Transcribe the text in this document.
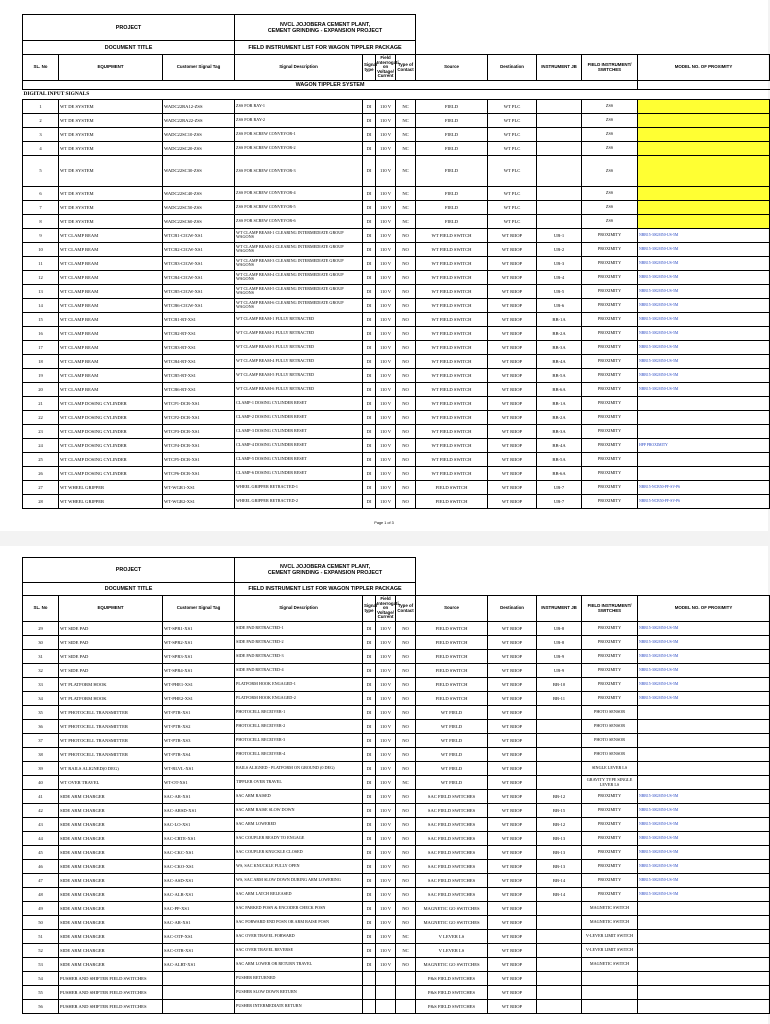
PROJECT			NVCL JOJOBERA CEMENT PLANT,
CEMENT GRINDING - EXPANSION PROJECT								
DOCUMENT TITLE			FIELD INSTRUMENT LIST FOR WAGON TIPPLER PACKAGE								
SL. No	EQUIPMENT	Customer Signal Tag	Signal Description	Signal type	Field Interrogati on Voltage/ Current	Type of Contact	Source	Destination	INSTRUMENT JB	FIELD INSTRUMENT/ SWITCHES	MODEL NO. OF PROXIMITY
WAGON TIPPLER SYSTEM											
DIGITAL INPUT SIGNALS											
1	WT DE SYSTEM	WADC22RA12-ZSS	ZSS FOR RAY-1	DI	110 V	NC	FIELD	WT PLC		ZSS	
2	WT DE SYSTEM	WADC22RA22-ZSS	ZSS FOR RAY-2	DI	110 V	NC	FIELD	WT PLC		ZSS	
3	WT DE SYSTEM	WADC22SC10-ZSS	ZSS FOR SCREW CONVEYOR-1	DI	110 V	NC	FIELD	WT PLC		ZSS	
4	WT DE SYSTEM	WADC22SC20-ZSS	ZSS FOR SCREW CONVEYOR-2	DI	110 V	NC	FIELD	WT PLC		ZSS	
5	WT DE SYSTEM	WADC22SC30-ZSS	ZSS FOR SCREW CONVEYOR-3	DI	110 V	NC	FIELD	WT PLC		ZSS	
6	WT DE SYSTEM	WADC22SC40-ZSS	ZSS FOR SCREW CONVEYOR-4	DI	110 V	NC	FIELD	WT PLC		ZSS	
7	WT DE SYSTEM	WADC22SC50-ZSS	ZSS FOR SCREW CONVEYOR-5	DI	110 V	NC	FIELD	WT PLC		ZSS	
8	WT DE SYSTEM	WADC22SC60-ZSS	ZSS FOR SCREW CONVEYOR-6	DI	110 V	NC	FIELD	WT PLC		ZSS	
9	WT CLAMP BEAM	WTCB1-CIGW-XS1	WT CLAMP BEAM-1 CLEARING INTERMEDIATE GROUP WAGONS	DI	110 V	NO	WT FIELD SWITCH	WT RIIOP	UB-1	PROXIMITY	NBB15-30GM50-US-5M
10	WT CLAMP BEAM	WTCB2-CIGW-XS1	WT CLAMP BEAM-2 CLEARING INTERMEDIATE GROUP WAGONS	DI	110 V	NO	WT FIELD SWITCH	WT RIIOP	UB-2	PROXIMITY	NBB15-30GM50-US-5M
11	WT CLAMP BEAM	WTCB3-CIGW-XS1	WT CLAMP BEAM-3 CLEARING INTERMEDIATE GROUP WAGONS	DI	110 V	NO	WT FIELD SWITCH	WT RIIOP	UB-3	PROXIMITY	NBB15-30GM50-US-5M
12	WT CLAMP BEAM	WTCB4-CIGW-XS1	WT CLAMP BEAM-4 CLEARING INTERMEDIATE GROUP WAGONS	DI	110 V	NO	WT FIELD SWITCH	WT RIIOP	UB-4	PROXIMITY	NBB15-30GM50-US-5M
13	WT CLAMP BEAM	WTCB5-CIGW-XS1	WT CLAMP BEAM-5 CLEARING INTERMEDIATE GROUP WAGONS	DI	110 V	NO	WT FIELD SWITCH	WT RIIOP	UB-5	PROXIMITY	NBB15-30GM50-US-5M
14	WT CLAMP BEAM	WTCB6-CIGW-XS1	WT CLAMP BEAM-6 CLEARING INTERMEDIATE GROUP WAGONS	DI	110 V	NO	WT FIELD SWITCH	WT RIIOP	UB-6	PROXIMITY	NBB15-30GM50-US-5M
15	WT CLAMP BEAM	WTCB1-RT-XS1	WT CLAMP BEAM-1 FULLY RETRACTED	DI	110 V	NO	WT FIELD SWITCH	WT RIIOP	BB-1A	PROXIMITY	NBB15-30GM50-US-5M
16	WT CLAMP BEAM	WTCB2-RT-XS1	WT CLAMP BEAM-2 FULLY RETRACTED	DI	110 V	NO	WT FIELD SWITCH	WT RIIOP	BB-2A	PROXIMITY	NBB15-30GM50-US-5M
17	WT CLAMP BEAM	WTCB3-RT-XS1	WT CLAMP BEAM-3 FULLY RETRACTED	DI	110 V	NO	WT FIELD SWITCH	WT RIIOP	BB-3A	PROXIMITY	NBB15-30GM50-US-5M
18	WT CLAMP BEAM	WTCB4-RT-XS1	WT CLAMP BEAM-4 FULLY RETRACTED	DI	110 V	NO	WT FIELD SWITCH	WT RIIOP	BB-4A	PROXIMITY	NBB15-30GM50-US-5M
19	WT CLAMP BEAM	WTCB5-RT-XS1	WT CLAMP BEAM-5 FULLY RETRACTED	DI	110 V	NO	WT FIELD SWITCH	WT RIIOP	BB-5A	PROXIMITY	NBB15-30GM50-US-5M
20	WT CLAMP BEAM	WTCB6-RT-XS1	WT CLAMP BEAM-6 FULLY RETRACTED	DI	110 V	NO	WT FIELD SWITCH	WT RIIOP	BB-6A	PROXIMITY	NBB15-30GM50-US-5M
21	WT CLAMP DOSING CYLINDER	WTCP1-DCR-XS1	CLAMP-1 DOSING CYLINDER RESET	DI	110 V	NO	WT FIELD SWITCH	WT RIIOP	BB-1A	PROXIMITY	
22	WT CLAMP DOSING CYLINDER	WTCP2-DCR-XS1	CLAMP-2 DOSING CYLINDER RESET	DI	110 V	NO	WT FIELD SWITCH	WT RIIOP	BB-2A	PROXIMITY	
23	WT CLAMP DOSING CYLINDER	WTCP3-DCR-XS1	CLAMP-3 DOSING CYLINDER RESET	DI	110 V	NO	WT FIELD SWITCH	WT RIIOP	BB-3A	PROXIMITY	
24	WT CLAMP DOSING CYLINDER	WTCP4-DCR-XS1	CLAMP-4 DOSING CYLINDER RESET	DI	110 V	NO	WT FIELD SWITCH	WT RIIOP	BB-4A	PROXIMITY	HPP PROXIMITY
25	WT CLAMP DOSING CYLINDER	WTCP5-DCR-XS1	CLAMP-5 DOSING CYLINDER RESET	DI	110 V	NO	WT FIELD SWITCH	WT RIIOP	BB-5A	PROXIMITY	
26	WT CLAMP DOSING CYLINDER	WTCP6-DCR-XS1	CLAMP-6 DOSING CYLINDER RESET	DI	110 V	NO	WT FIELD SWITCH	WT RIIOP	BB-6A	PROXIMITY	
27	WT WHEEL GRIPPER	WT-WGR1-XS1	WHEEL GRIPPER RETRACTED-1	DI	110 V	NO	FIELD SWITCH	WT RIIOP	UB-7	PROXIMITY	NBB15-NCB50-PF-SV-P6
28	WT WHEEL GRIPPER	WT-WGR2-XS1	WHEEL GRIPPER RETRACTED-2	DI	110 V	NO	FIELD SWITCH	WT RIIOP	UB-7	PROXIMITY	NBB15-NCB50-PF-SV-P6
Page 1 of 3
PROJECT			NVCL JOJOBERA CEMENT PLANT,
CEMENT GRINDING - EXPANSION PROJECT								
DOCUMENT TITLE			FIELD INSTRUMENT LIST FOR WAGON TIPPLER PACKAGE								
SL. No	EQUIPMENT	Customer Signal Tag	Signal Description	Signal type	Field Interrogati on Voltage/ Current	Type of Contact	Source	Destination	INSTRUMENT JB	FIELD INSTRUMENT/ SWITCHES	MODEL NO. OF PROXIMITY
29	WT SIDE PAD	WT-SPR1-XS1	SIDE PAD RETRACTED-1	DI	110 V	NO	FIELD SWITCH	WT RIIOP	UB-8	PROXIMITY	NBB15-30GM50-US-5M
30	WT SIDE PAD	WT-SPR2-XS1	SIDE PAD RETRACTED-2	DI	110 V	NO	FIELD SWITCH	WT RIIOP	UB-8	PROXIMITY	NBB15-30GM50-US-5M
31	WT SIDE PAD	WT-SPR3-XS1	SIDE PAD RETRACTED-3	DI	110 V	NO	FIELD SWITCH	WT RIIOP	UB-9	PROXIMITY	NBB15-30GM50-US-5M
32	WT SIDE PAD	WT-SPR4-XS1	SIDE PAD RETRACTED-4	DI	110 V	NO	FIELD SWITCH	WT RIIOP	UB-9	PROXIMITY	NBB15-30GM50-US-5M
33	WT PLATFORM HOOK	WT-PHE1-XS1	PLATFORM HOOK ENGAGED-1	DI	110 V	NO	FIELD SWITCH	WT RIIOP	BB-10	PROXIMITY	NBB15-30GM50-US-5M
34	WT PLATFORM HOOK	WT-PHE2-XS1	PLATFORM HOOK ENGAGED-2	DI	110 V	NO	FIELD SWITCH	WT RIIOP	BB-11	PROXIMITY	NBB15-30GM50-US-5M
35	WT PHOTOCELL TRANSMITTER	WT-PTR-XS1	PHOTOCELL RECEIVER-1	DI	110 V	NO	WT FIELD	WT RIIOP		PHOTO SENSOR	
36	WT PHOTOCELL TRANSMITTER	WT-PTR-XS2	PHOTOCELL RECEIVER-2	DI	110 V	NO	WT FIELD	WT RIIOP		PHOTO SENSOR	
37	WT PHOTOCELL TRANSMITTER	WT-PTR-XS3	PHOTOCELL RECEIVER-3	DI	110 V	NO	WT FIELD	WT RIIOP		PHOTO SENSOR	
38	WT PHOTOCELL TRANSMITTER	WT-PTR-XS4	PHOTOCELL RECEIVER-4	DI	110 V	NO	WT FIELD	WT RIIOP		PHOTO SENSOR	
39	WT RAILS ALIGNED(0 DEG)	WT-RLVL-XS1	RAILS ALIGNED - PLATFORM ON GROUND (0 DEG)	DI	110 V	NO	WT FIELD	WT RIIOP		SINGLE LEVER LS	
40	WT OVER TRAVEL	WT-OT-XS1	TIPPLER OVER TRAVEL	DI	110 V	NC	WT FIELD	WT RIIOP		GRAVITY TYPE SINGLE LEVER LS	
41	SIDE ARM CHARGER	SAC-AR-XS1	SAC ARM RAISED	DI	110 V	NO	SAC FIELD SWITCHES	WT RIIOP	BB-12	PROXIMITY	NBB15-30GM50-US-5M
42	SIDE ARM CHARGER	SAC-ARSD-XS1	SAC ARM RAISE SLOW DOWN	DI	110 V	NO	SAC FIELD SWITCHES	WT RIIOP	BB-15	PROXIMITY	NBB15-30GM50-US-5M
43	SIDE ARM CHARGER	SAC-LO-XS1	SAC ARM LOWERED	DI	110 V	NO	SAC FIELD SWITCHES	WT RIIOP	BB-12	PROXIMITY	NBB15-30GM50-US-5M
44	SIDE ARM CHARGER	SAC-CRTE-XS1	SAC COUPLER READY TO ENGAGE	DI	110 V	NO	SAC FIELD SWITCHES	WT RIIOP	BB-13	PROXIMITY	NBB15-30GM50-US-5M
45	SIDE ARM CHARGER	SAC-CKC-XS1	SAC COUPLER KNUCKLE CLOSED	DI	110 V	NO	SAC FIELD SWITCHES	WT RIIOP	BB-13	PROXIMITY	NBB15-30GM50-US-5M
46	SIDE ARM CHARGER	SAC-CKO-XS1	WS, SAC KNUCKLE FULLY OPEN	DI	110 V	NO	SAC FIELD SWITCHES	WT RIIOP	BB-13	PROXIMITY	NBB15-30GM50-US-5M
47	SIDE ARM CHARGER	SAC-ASD-XS1	WS, SAC ARM SLOW DOWN DURING ARM LOWERING	DI	110 V	NO	SAC FIELD SWITCHES	WT RIIOP	BB-14	PROXIMITY	NBB15-30GM50-US-5M
48	SIDE ARM CHARGER	SAC-ALR-XS1	SAC ARM LATCH RELEASED	DI	110 V	NO	SAC FIELD SWITCHES	WT RIIOP	BB-14	PROXIMITY	NBB15-30GM50-US-5M
49	SIDE ARM CHARGER	SAC-PP-XS1	SAC PARKED POSN & ENCODER CHECK POSN	DI	110 V	NO	MAGNETIC GO SWITCHES	WT RIIOP		MAGNETIC SWITCH	
50	SIDE ARM CHARGER	SAC-AR-XS1	SAC FORWARD END POSN OR ARM RAISE POSN	DI	110 V	NO	MAGNETIC GO SWITCHES	WT RIIOP		MAGNETIC SWITCH	
51	SIDE ARM CHARGER	SAC-OTF-XS1	SAC OVER TRAVEL FORWARD	DI	110 V	NC	V LEVER LS	WT RIIOP		V-LEVER LIMIT SWITCH	
52	SIDE ARM CHARGER	SAC-OTR-XS1	SAC OVER TRAVEL REVERSE	DI	110 V	NC	V LEVER LS	WT RIIOP		V-LEVER LIMIT SWITCH	
53	SIDE ARM CHARGER	SAC-ALRT-XS1	SAC ARM LOWER OR RETURN TRAVEL	DI	110 V	NO	MAGNETIC GO SWITCHES	WT RIIOP		MAGNETIC SWITCH	
54	PUSHER AND SHIFTER FIELD SWITCHES		PUSHER RETURNED				P&S FIELD SWITCHES	WT RIIOP			
55	PUSHER AND SHIFTER FIELD SWITCHES		PUSHER SLOW DOWN RETURN				P&S FIELD SWITCHES	WT RIIOP			
56	PUSHER AND SHIFTER FIELD SWITCHES		PUSHER INTERMEDIATE RETURN				P&S FIELD SWITCHES	WT RIIOP			
